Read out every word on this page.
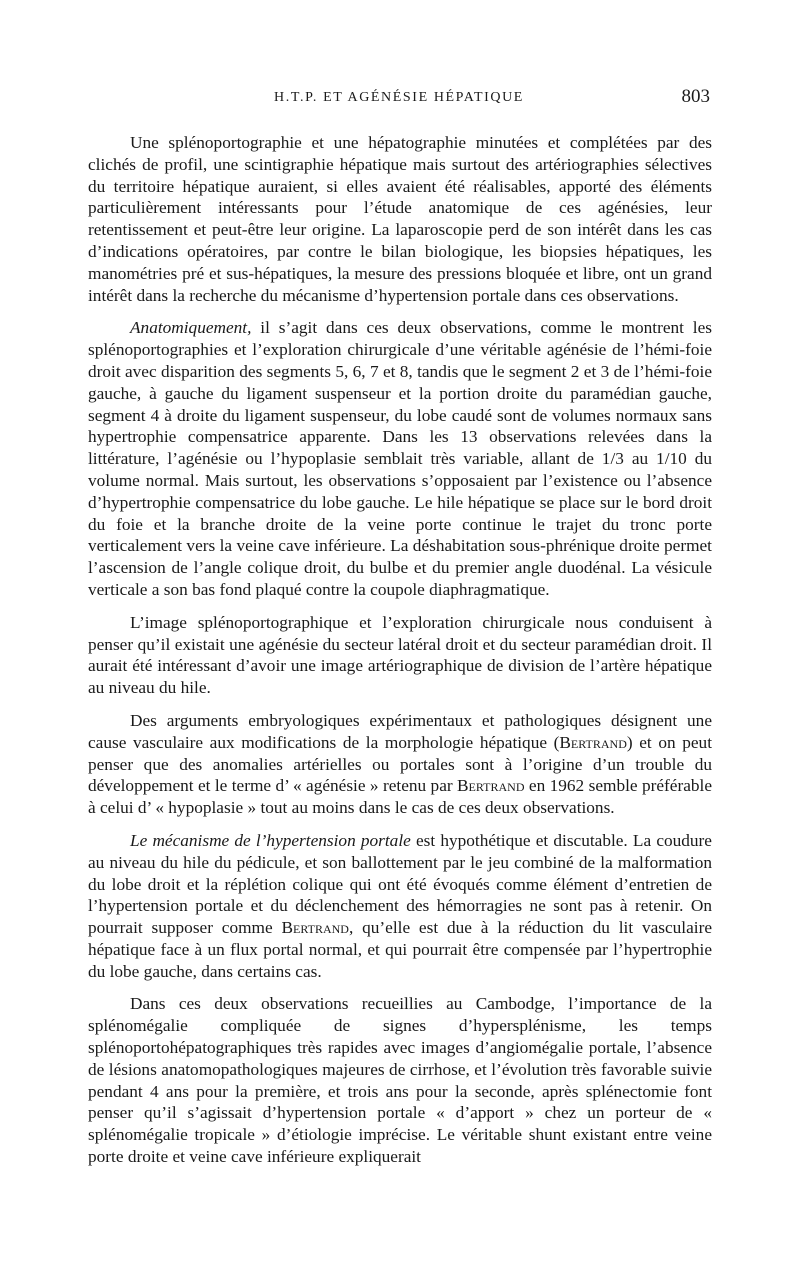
H.T.P. ET AGÉNÉSIE HÉPATIQUE	803

Une splénoportographie et une hépatographie minutées et complétées par des clichés de profil, une scintigraphie hépatique mais surtout des artériographies sélectives du territoire hépatique auraient, si elles avaient été réalisables, apporté des éléments particulièrement intéressants pour l’étude anatomique de ces agénésies, leur retentissement et peut-être leur origine. La laparoscopie perd de son intérêt dans les cas d’indications opératoires, par contre le bilan biologique, les biopsies hépatiques, les manométries pré et sus-hépatiques, la mesure des pressions bloquée et libre, ont un grand intérêt dans la recherche du mécanisme d’hypertension portale dans ces observations.

Anatomiquement, il s’agit dans ces deux observations, comme le montrent les splénoportographies et l’exploration chirurgicale d’une véritable agénésie de l’hémi-foie droit avec disparition des segments 5, 6, 7 et 8, tandis que le segment 2 et 3 de l’hémi-foie gauche, à gauche du ligament suspenseur et la portion droite du paramédian gauche, segment 4 à droite du ligament suspenseur, du lobe caudé sont de volumes normaux sans hypertrophie compensatrice apparente. Dans les 13 observations relevées dans la littérature, l’agénésie ou l’hypoplasie semblait très variable, allant de 1/3 au 1/10 du volume normal. Mais surtout, les observations s’opposaient par l’existence ou l’absence d’hypertrophie compensatrice du lobe gauche. Le hile hépatique se place sur le bord droit du foie et la branche droite de la veine porte continue le trajet du tronc porte verticalement vers la veine cave inférieure. La déshabitation sous-phrénique droite permet l’ascension de l’angle colique droit, du bulbe et du premier angle duodénal. La vésicule verticale a son bas fond plaqué contre la coupole diaphragmatique.

L’image splénoportographique et l’exploration chirurgicale nous conduisent à penser qu’il existait une agénésie du secteur latéral droit et du secteur paramédian droit. Il aurait été intéressant d’avoir une image artériographique de division de l’artère hépatique au niveau du hile.

Des arguments embryologiques expérimentaux et pathologiques désignent une cause vasculaire aux modifications de la morphologie hépatique (Bertrand) et on peut penser que des anomalies artérielles ou portales sont à l’origine d’un trouble du développement et le terme d’ « agénésie » retenu par Bertrand en 1962 semble préférable à celui d’ « hypoplasie » tout au moins dans le cas de ces deux observations.

Le mécanisme de l’hypertension portale est hypothétique et discutable. La coudure au niveau du hile du pédicule, et son ballottement par le jeu combiné de la malformation du lobe droit et la réplétion colique qui ont été évoqués comme élément d’entretien de l’hypertension portale et du déclenchement des hémorragies ne sont pas à retenir. On pourrait supposer comme Bertrand, qu’elle est due à la réduction du lit vasculaire hépatique face à un flux portal normal, et qui pourrait être compensée par l’hypertrophie du lobe gauche, dans certains cas.

Dans ces deux observations recueillies au Cambodge, l’importance de la splénomégalie compliquée de signes d’hypersplénisme, les temps splénoportohépatographiques très rapides avec images d’angiomégalie portale, l’absence de lésions anatomopathologiques majeures de cirrhose, et l’évolution très favorable suivie pendant 4 ans pour la première, et trois ans pour la seconde, après splénectomie font penser qu’il s’agissait d’hypertension portale « d’apport » chez un porteur de « splénomégalie tropicale » d’étiologie imprécise. Le véritable shunt existant entre veine porte droite et veine cave inférieure expliquerait
